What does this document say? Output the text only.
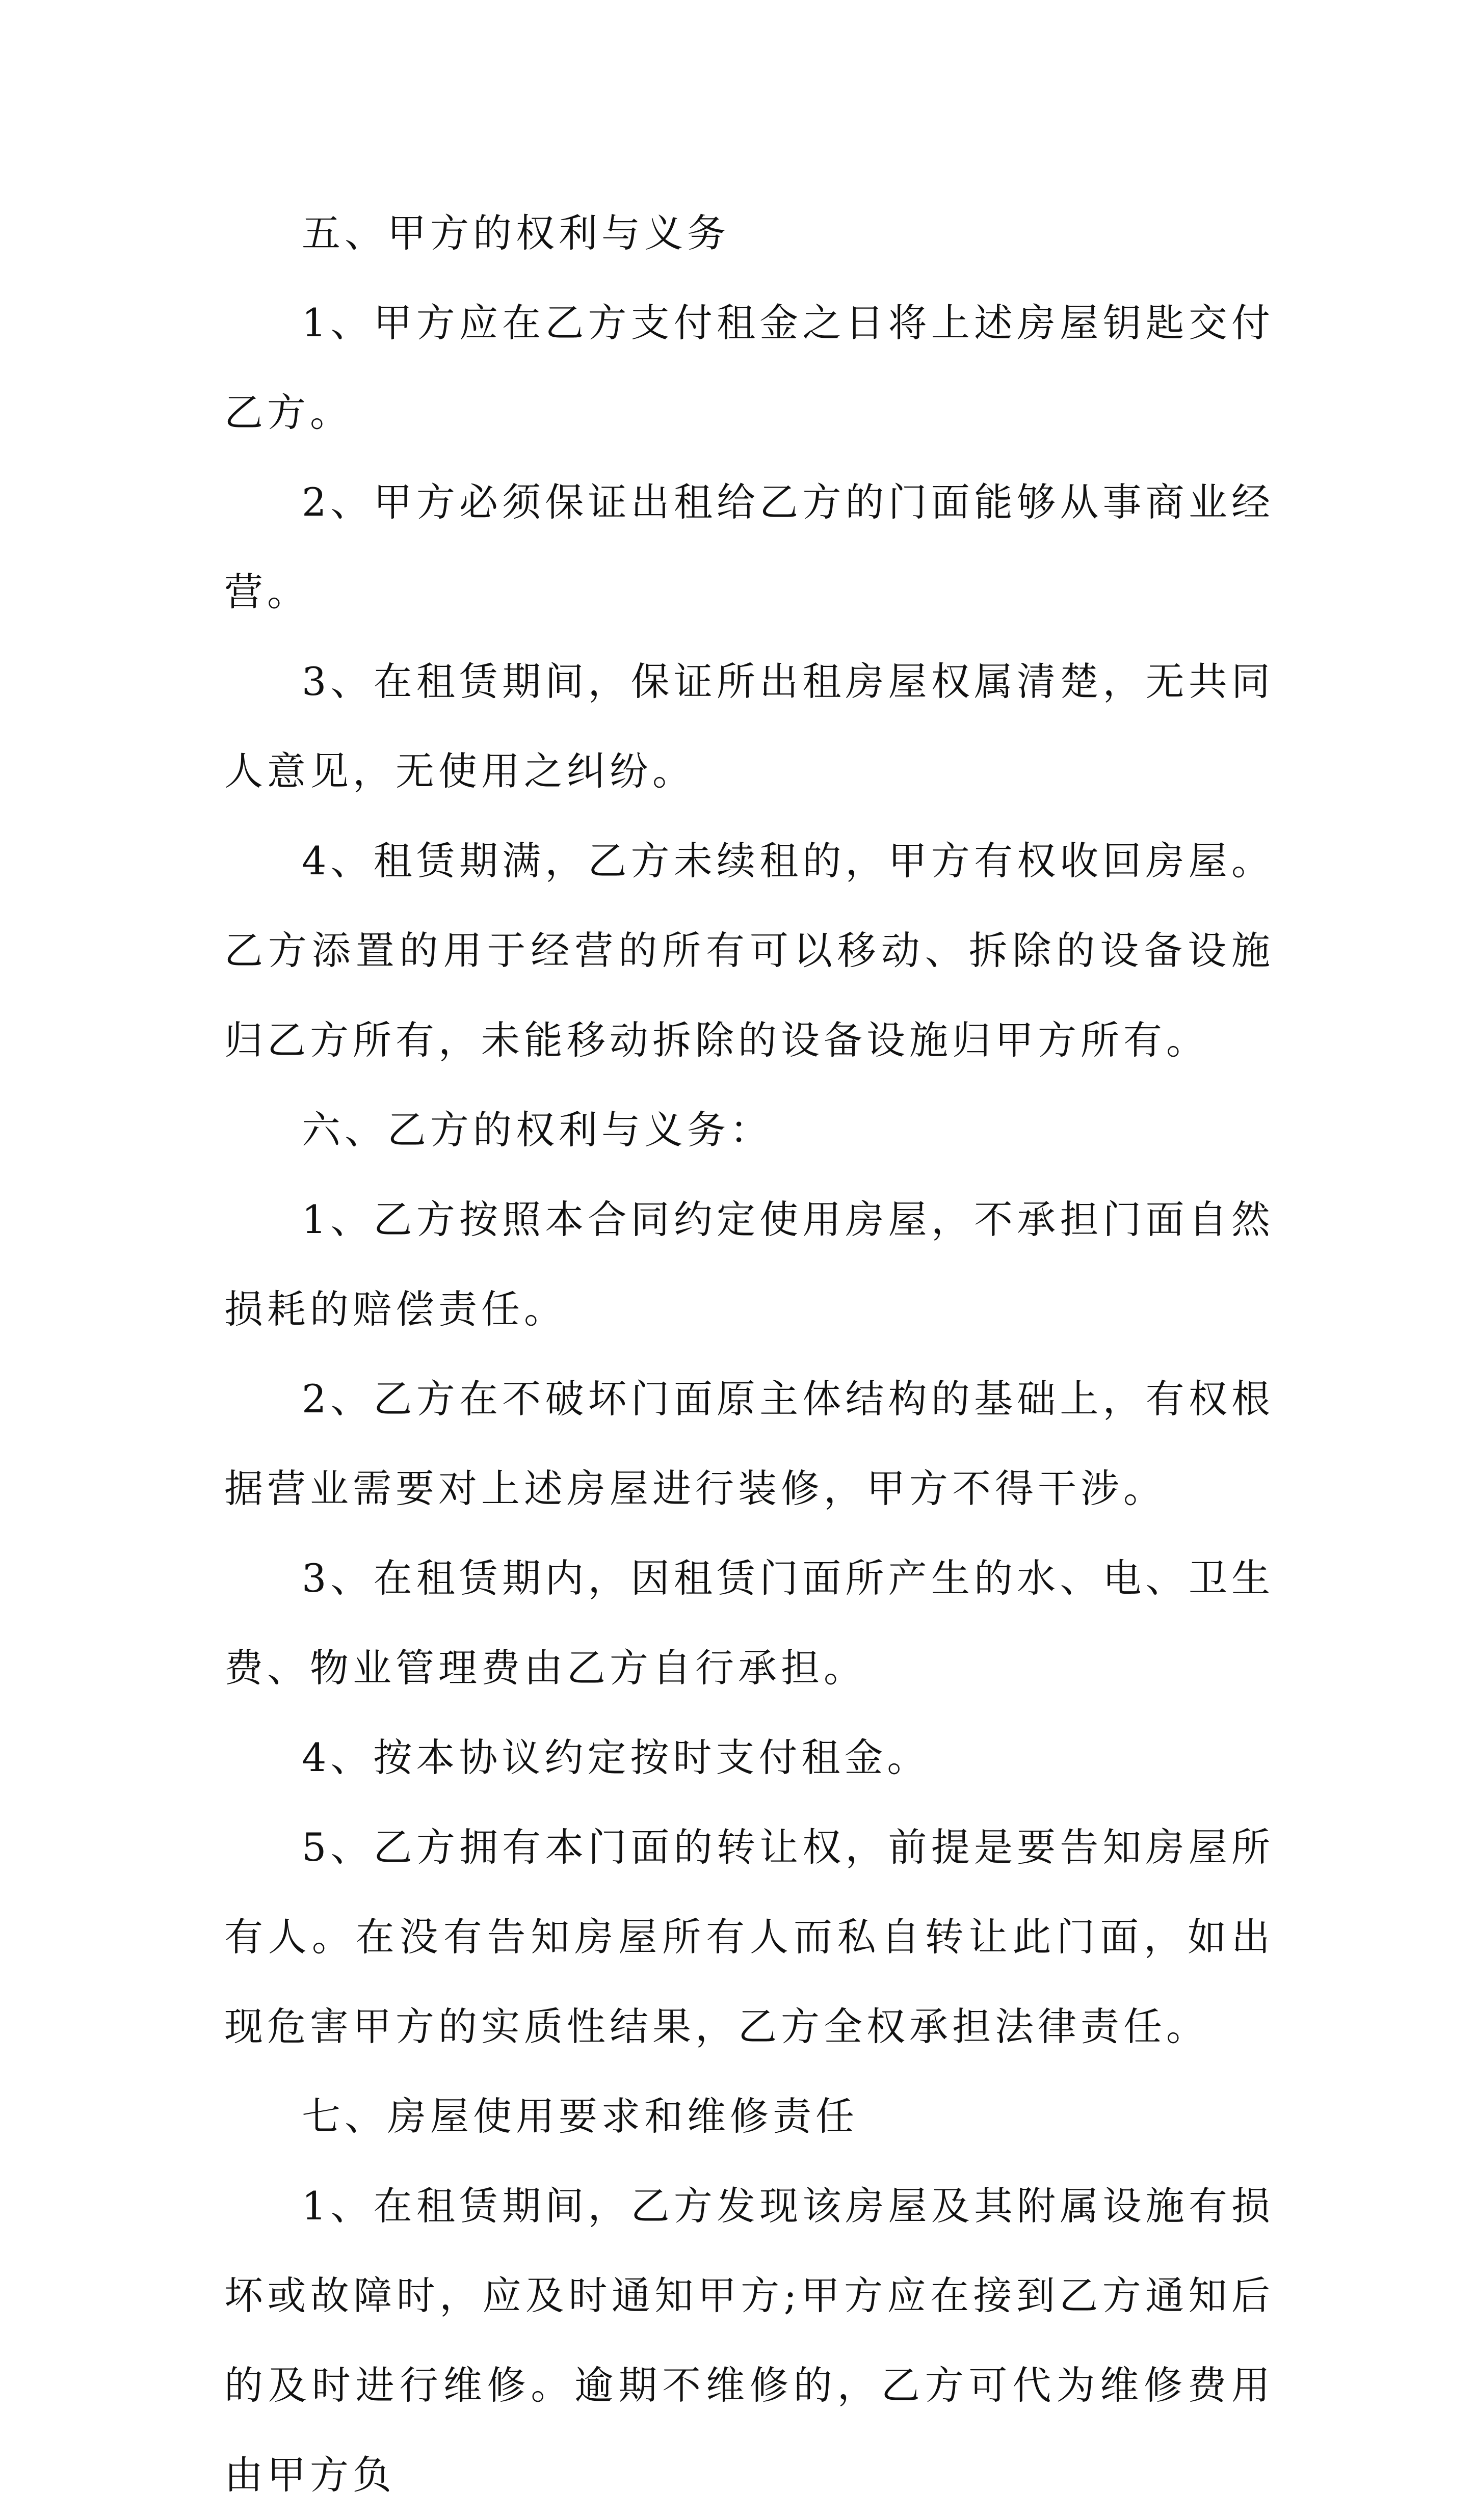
五、甲方的权利与义务

1、甲方应在乙方支付租金之日将上述房屋钥匙交付乙方。

2、甲方必须保证出租给乙方的门面能够从事商业经营。

3、在租赁期间，保证所出租房屋权属清楚，无共同人意见，无使用之纠纷。

4、租赁期满，乙方未续租的，甲方有权收回房屋。乙方添置的用于经营的所有可以移动、拆除的设备设施归乙方所有，未能移动拆除的设备设施归甲方所有。

六、乙方的权利与义务：

1、乙方按照本合同约定使用房屋，不承担门面自然损耗的赔偿责任。

2、乙方在不破坏门面原主体结构的基础上，有权根据营业需要对上述房屋进行装修，甲方不得干涉。

3、在租赁期内，因租赁门面所产生的水、电、卫生费、物业管理费由乙方自行承担。

4、按本协议约定按时支付租金。

5、乙方拥有本门面的转让权，前提是要告知房屋所有人。在没有告知房屋所有人而私自转让此门面，如出现危害甲方的实质性结果，乙方全权承担法律责任。

七、房屋使用要求和维修责任

1、在租赁期间，乙方发现该房屋及其附属设施有损坏或故障时，应及时通知甲方;甲方应在接到乙方通知后的及时进行维修。逾期不维修的，乙方可代为维修费用由甲方负
